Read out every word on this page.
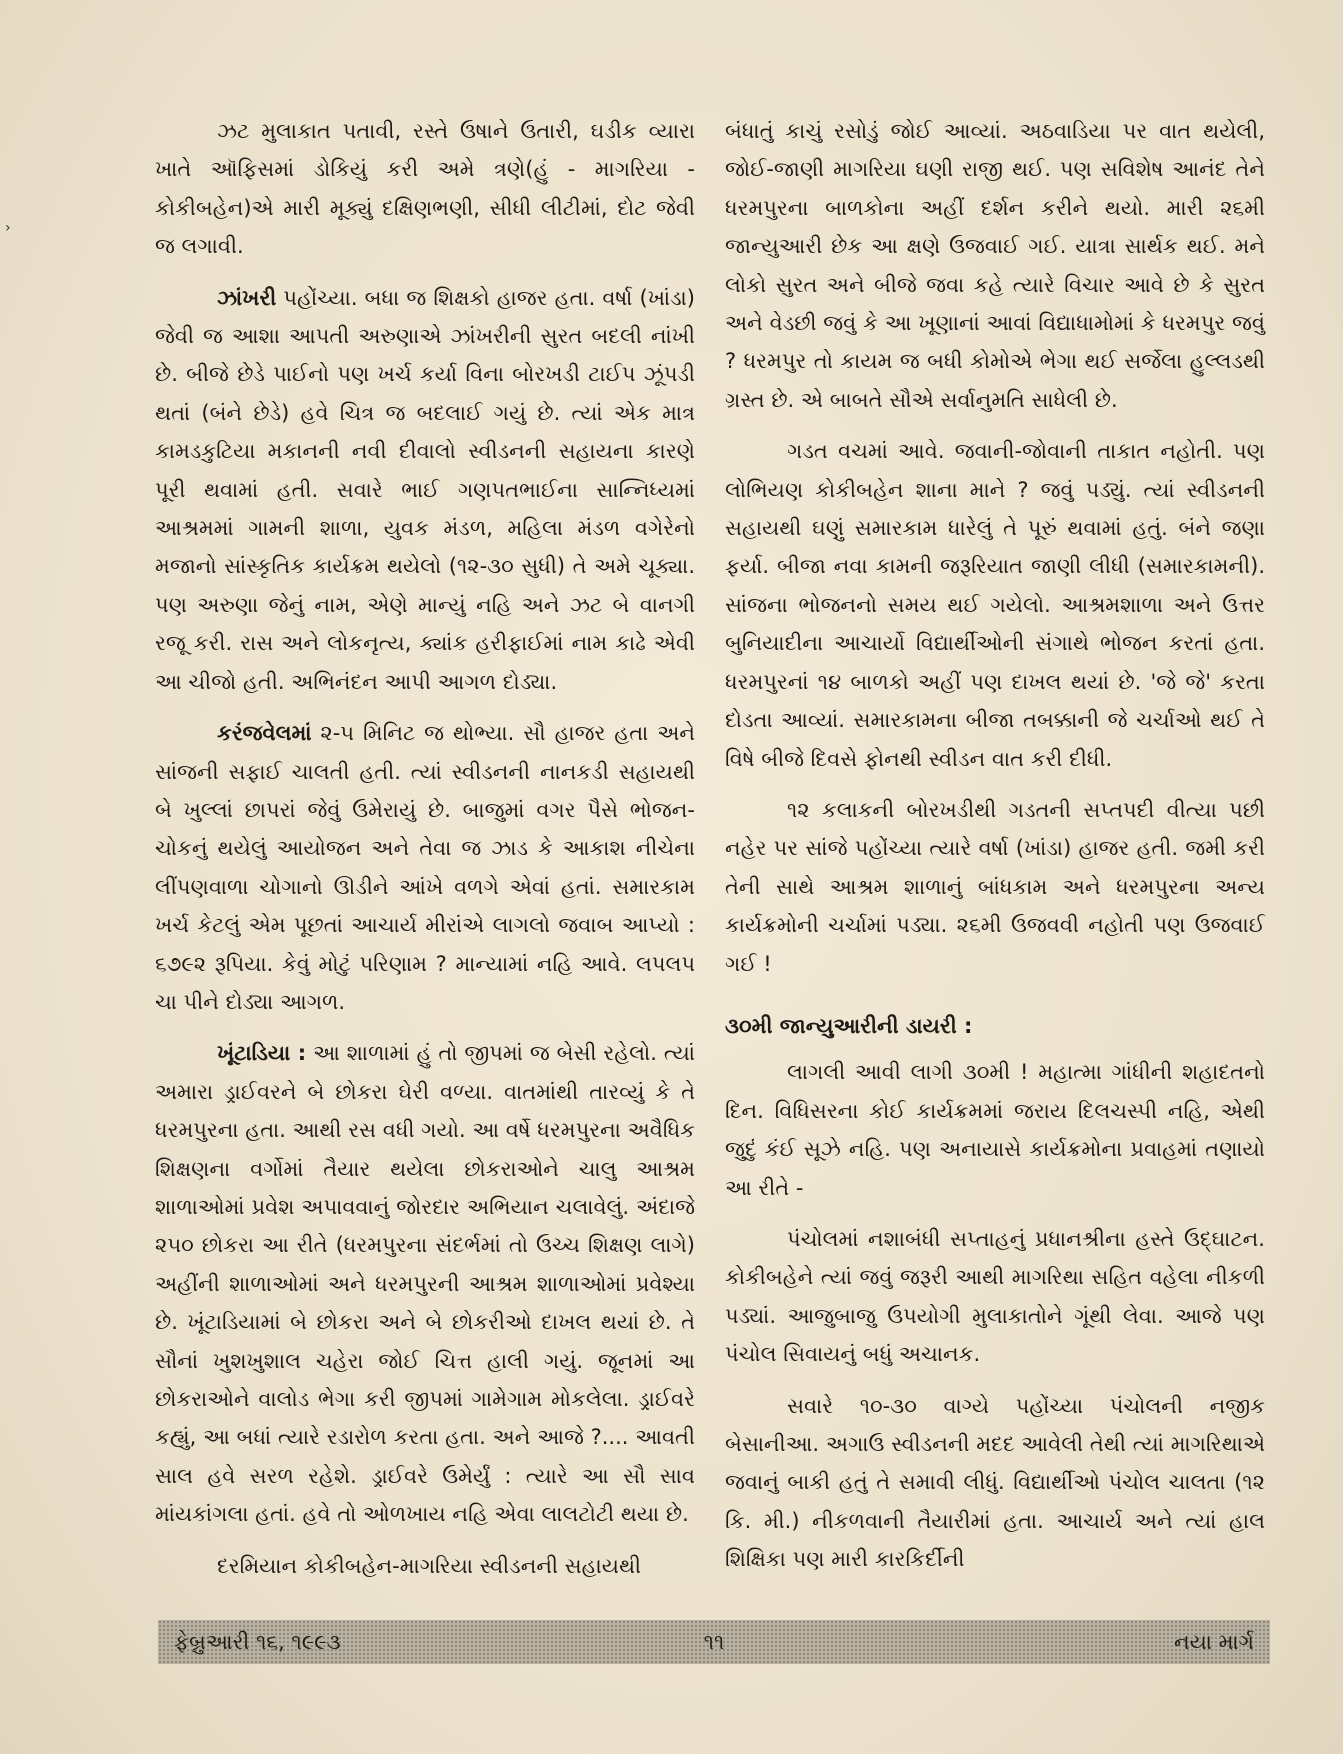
›

ઝટ મુલાકાત પતાવી, રસ્તે ઉષાને ઉતારી, ઘડીક વ્યારા ખાતે ઑફિસમાં ડોકિયું કરી અમે ત્રણે(હું - માગરિયા - કોકીબહેન)એ મારી મૂક્યું દક્ષિણભણી, સીધી લીટીમાં, દોટ જેવી જ લગાવી.

ઝાંખરી પહોંચ્યા. બધા જ શિક્ષકો હાજર હતા. વર્ષા (ખાંડા) જેવી જ આશા આપતી અરુણાએ ઝાંખરીની સુરત બદલી નાંખી છે. બીજે છેડે પાઈનો પણ ખર્ચ કર્યા વિના બોરખડી ટાઈપ ઝૂંપડી થતાં (બંને છેડે) હવે ચિત્ર જ બદલાઈ ગયું છે. ત્યાં એક માત્ર કામડકુટિયા મકાનની નવી દીવાલો સ્વીડનની સહાયના કારણે પૂરી થવામાં હતી. સવારે ભાઈ ગણપતભાઈના સાન્નિધ્યમાં આશ્રમમાં ગામની શાળા, યુવક મંડળ, મહિલા મંડળ વગેરેનો મજાનો સાંસ્કૃતિક કાર્યક્રમ થયેલો (૧૨-૩૦ સુધી) તે અમે ચૂક્યા. પણ અરુણા જેનું નામ, એણે માન્યું નહિ અને ઝટ બે વાનગી રજૂ કરી. રાસ અને લોકનૃત્ય, ક્યાંક હરીફાઈમાં નામ કાઢે એવી આ ચીજો હતી. અભિનંદન આપી આગળ દોડ્યા.

કરંજવેલમાં ૨-૫ મિનિટ જ થોભ્યા. સૌ હાજર હતા અને સાંજની સફાઈ ચાલતી હતી. ત્યાં સ્વીડનની નાનકડી સહાયથી બે ખુલ્લાં છાપરાં જેવું ઉમેરાયું છે. બાજુમાં વગર પૈસે ભોજન-ચોકનું થયેલું આયોજન અને તેવા જ ઝાડ કે આકાશ નીચેના લીંપણવાળા ચોગાનો ઊડીને આંખે વળગે એવાં હતાં. સમારકામ ખર્ચ કેટલું એમ પૂછતાં આચાર્ય મીરાંએ લાગલો જવાબ આપ્યો : ૬૭૯૨ રૂપિયા. કેવું મોટું પરિણામ ? માન્યામાં નહિ આવે. લપલપ ચા પીને દોડ્યા આગળ.

ખૂંટાડિયા : આ શાળામાં હું તો જીપમાં જ બેસી રહેલો. ત્યાં અમારા ડ્રાઈવરને બે છોકરા ઘેરી વળ્યા. વાતમાંથી તારવ્યું કે તે ધરમપુરના હતા. આથી રસ વધી ગયો. આ વર્ષે ધરમપુરના અવૈધિક શિક્ષણના વર્ગોમાં તૈયાર થયેલા છોકરાઓને ચાલુ આશ્રમ શાળાઓમાં પ્રવેશ અપાવવાનું જોરદાર અભિયાન ચલાવેલું. અંદાજે ૨૫૦ છોકરા આ રીતે (ધરમપુરના સંદર્ભમાં તો ઉચ્ચ શિક્ષણ લાગે) અહીંની શાળાઓમાં અને ધરમપુરની આશ્રમ શાળાઓમાં પ્રવેશ્યા છે. ખૂંટાડિયામાં બે છોકરા અને બે છોકરીઓ દાખલ થયાં છે. તે સૌનાં ખુશખુશાલ ચહેરા જોઈ ચિત્ત હાલી ગયું. જૂનમાં આ છોકરાઓને વાલોડ ભેગા કરી જીપમાં ગામેગામ મોકલેલા. ડ્રાઈવરે કહ્યું, આ બધાં ત્યારે રડારોળ કરતા હતા. અને આજે ?.... આવતી સાલ હવે સરળ રહેશે. ડ્રાઈવરે ઉમેર્યું : ત્યારે આ સૌ સાવ માંયકાંગલા હતાં. હવે તો ઓળખાય નહિ એવા લાલટોટી થયા છે.

દરમિયાન કોકીબહેન-માગરિયા સ્વીડનની સહાયથી

બંધાતું કાચું રસોડું જોઈ આવ્યાં. અઠવાડિયા પર વાત થયેલી, જોઈ-જાણી માગરિયા ઘણી રાજી થઈ. પણ સવિશેષ આનંદ તેને ધરમપુરના બાળકોના અહીં દર્શન કરીને થયો. મારી ૨૬મી જાન્યુઆરી છેક આ ક્ષણે ઉજવાઈ ગઈ. યાત્રા સાર્થક થઈ. મને લોકો સુરત અને બીજે જવા કહે ત્યારે વિચાર આવે છે કે સુરત અને વેડછી જવું કે આ ખૂણાનાં આવાં વિદ્યાધામોમાં કે ધરમપુર જવું ? ધરમપુર તો કાયમ જ બધી કોમોએ ભેગા થઈ સર્જેલા હુલ્લડથી ગ્રસ્ત છે. એ બાબતે સૌએ સર્વાનુમતિ સાધેલી છે.

ગડત વચમાં આવે. જવાની-જોવાની તાકાત નહોતી. પણ લોભિયણ કોકીબહેન શાના માને ? જવું પડ્યું. ત્યાં સ્વીડનની સહાયથી ઘણું સમારકામ ધારેલું તે પૂરું થવામાં હતું. બંને જણા ફર્યા. બીજા નવા કામની જરૂરિયાત જાણી લીધી (સમારકામની). સાંજના ભોજનનો સમય થઈ ગયેલો. આશ્રમશાળા અને ઉત્તર બુનિયાદીના આચાર્યો વિદ્યાર્થીઓની સંગાથે ભોજન કરતાં હતા. ધરમપુરનાં ૧૪ બાળકો અહીં પણ દાખલ થયાં છે. 'જે જે' કરતા દોડતા આવ્યાં. સમારકામના બીજા તબક્કાની જે ચર્ચાઓ થઈ તે વિષે બીજે દિવસે ફોનથી સ્વીડન વાત કરી દીધી.

૧૨ કલાકની બોરખડીથી ગડતની સપ્તપદી વીત્યા પછી નહેર પર સાંજે પહોંચ્યા ત્યારે વર્ષા (ખાંડા) હાજર હતી. જમી કરી તેની સાથે આશ્રમ શાળાનું બાંધકામ અને ધરમપુરના અન્ય કાર્યક્રમોની ચર્ચામાં પડ્યા. ૨૬મી ઉજવવી નહોતી પણ ઉજવાઈ ગઈ !

૩૦મી જાન્યુઆરીની ડાયરી :

લાગલી આવી લાગી ૩૦મી ! મહાત્મા ગાંધીની શહાદતનો દિન. વિધિસરના કોઈ કાર્યક્રમમાં જરાય દિલચસ્પી નહિ, એથી જુદું કંઈ સૂઝે નહિ. પણ અનાયાસે કાર્યક્રમોના પ્રવાહમાં તણાયો આ રીતે -

પંચોલમાં નશાબંધી સપ્તાહનું પ્રધાનશ્રીના હસ્તે ઉદ્ઘાટન. કોકીબહેને ત્યાં જવું જરૂરી આથી માગરિથા સહિત વહેલા નીકળી પડ્યાં. આજુબાજુ ઉપયોગી મુલાકાતોને ગૂંથી લેવા. આજે પણ પંચોલ સિવાયનું બધું અચાનક.

સવારે ૧૦-૩૦ વાગ્યે પહોંચ્યા પંચોલની નજીક બેસાનીઆ. અગાઉ સ્વીડનની મદદ આવેલી તેથી ત્યાં માગરિથાએ જવાનું બાકી હતું તે સમાવી લીધું. વિદ્યાર્થીઓ પંચોલ ચાલતા (૧૨ કિ. મી.) નીકળવાની તૈયારીમાં હતા. આચાર્ય અને ત્યાં હાલ શિક્ષિકા પણ મારી કારકિર્દીની

ફેબ્રુઆરી ૧૬, ૧૯૯૩	૧૧	નયા માર્ગ
